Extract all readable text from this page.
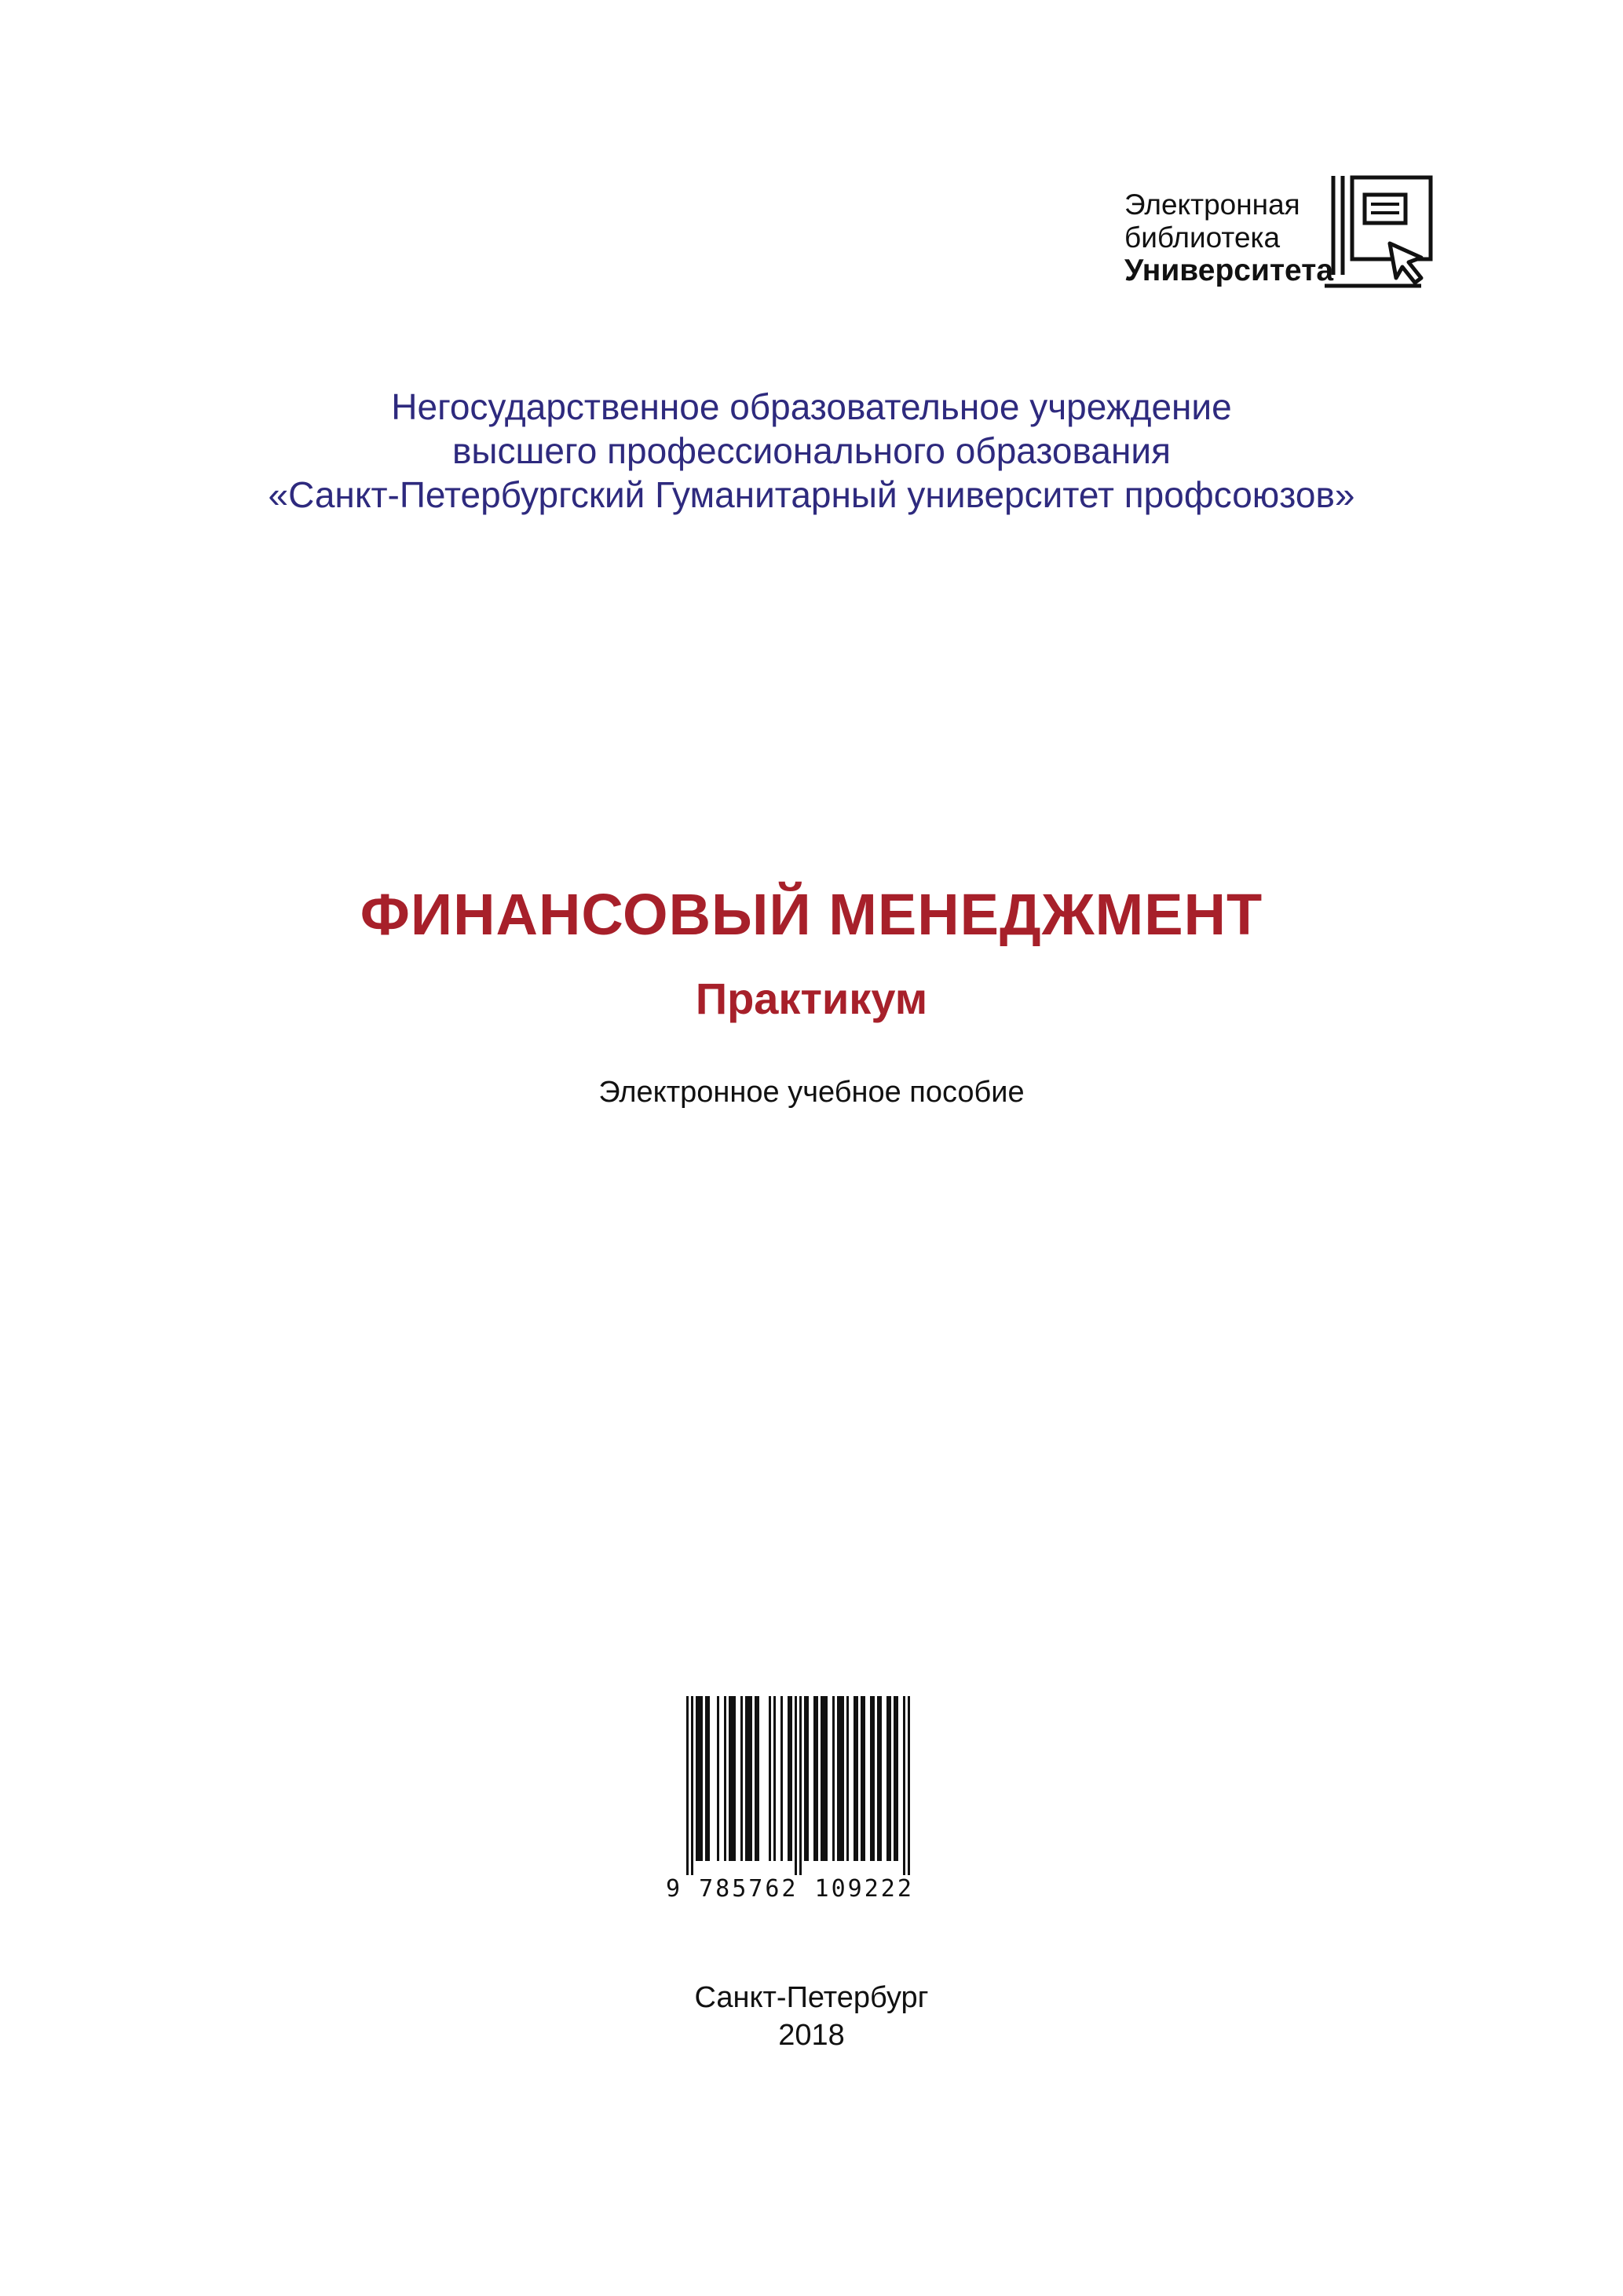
Электронная
библиотека
Университета
Негосударственное образовательное учреждение
высшего профессионального образования
«Санкт-Петербургский Гуманитарный университет профсоюзов»
ФИНАНСОВЫЙ МЕНЕДЖМЕНТ
Практикум
Электронное учебное пособие
9 785762 109222
Санкт-Петербург
2018
